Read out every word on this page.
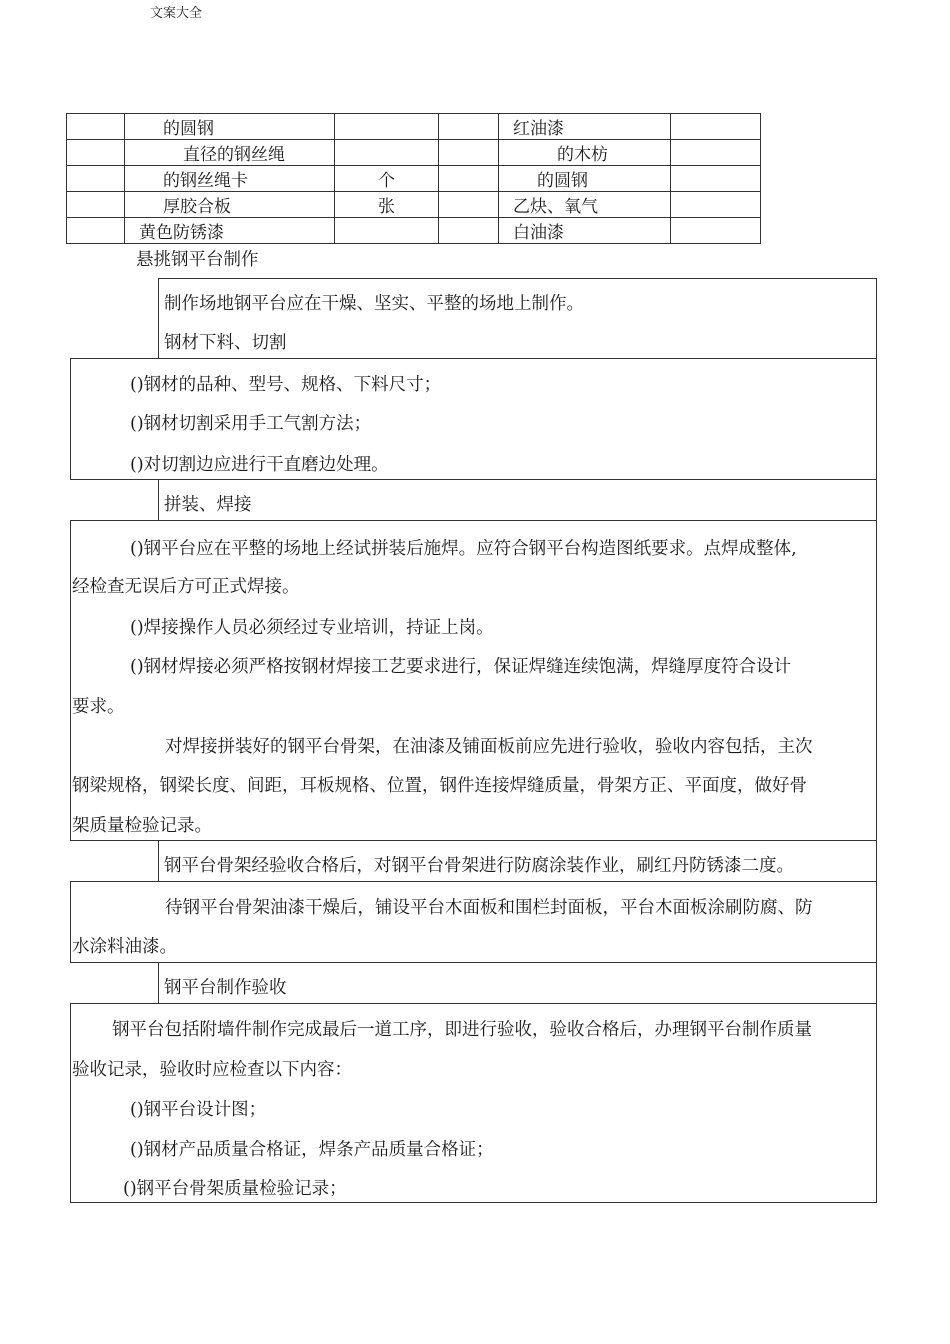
文案大全
	的圆钢			红油漆	
	直径的钢丝绳			的木枋	
	的钢丝绳卡	个		的圆钢	
	厚胶合板	张		乙炔、氧气	
	黄色防锈漆			白油漆	
悬挑钢平台制作
制作场地钢平台应在干燥、坚实、平整的场地上制作。
钢材下料、切割
()钢材的品种、型号、规格、下料尺寸；
()钢材切割采用手工气割方法；
()对切割边应进行干直磨边处理。
拼装、焊接
()钢平台应在平整的场地上经试拼装后施焊。应符合钢平台构造图纸要求。点焊成整体,
经检查无误后方可正式焊接。
()焊接操作人员必须经过专业培训，持证上岗。
()钢材焊接必须严格按钢材焊接工艺要求进行，保证焊缝连续饱满，焊缝厚度符合设计
要求。
对焊接拼装好的钢平台骨架，在油漆及铺面板前应先进行验收，验收内容包括，主次
钢梁规格，钢梁长度、间距，耳板规格、位置，钢件连接焊缝质量，骨架方正、平面度，做好骨
架质量检验记录。
钢平台骨架经验收合格后，对钢平台骨架进行防腐涂装作业，刷红丹防锈漆二度。
待钢平台骨架油漆干燥后，铺设平台木面板和围栏封面板，平台木面板涂刷防腐、防
水涂料油漆。
钢平台制作验收
钢平台包括附墙件制作完成最后一道工序，即进行验收，验收合格后，办理钢平台制作质量
验收记录，验收时应检查以下内容：
()钢平台设计图；
()钢材产品质量合格证，焊条产品质量合格证；
()钢平台骨架质量检验记录；
